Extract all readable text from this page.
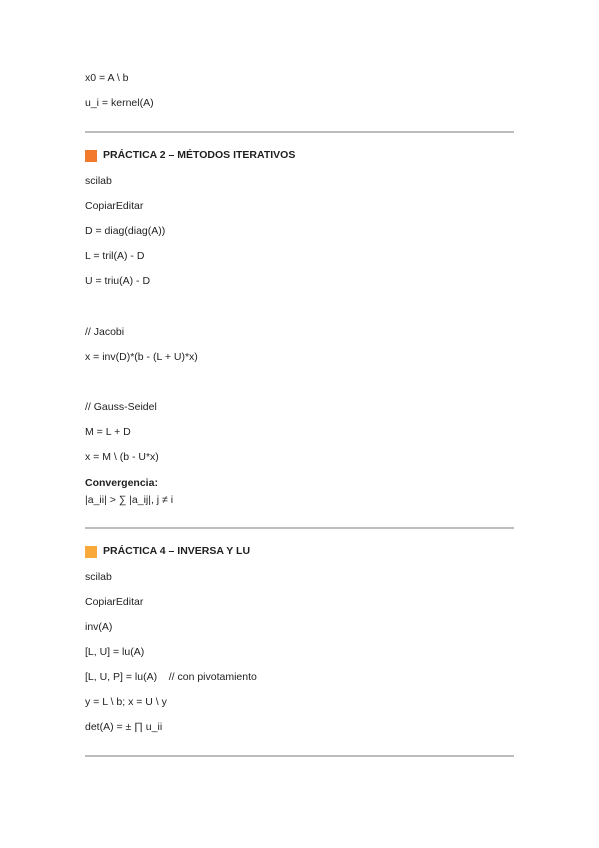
x0 = A \ b
u_i = kernel(A)
PRÁCTICA 2 – MÉTODOS ITERATIVOS
scilab
CopiarEditar
D = diag(diag(A))
L = tril(A) - D
U = triu(A) - D
// Jacobi
x = inv(D)*(b - (L + U)*x)
// Gauss-Seidel
M = L + D
x = M \ (b - U*x)
Convergencia:
|a_ii| > ∑ |a_ij|, j ≠ i
PRÁCTICA 4 – INVERSA Y LU
scilab
CopiarEditar
inv(A)
[L, U] = lu(A)
[L, U, P] = lu(A)    // con pivotamiento
y = L \ b; x = U \ y
det(A) = ± ∏ u_ii
